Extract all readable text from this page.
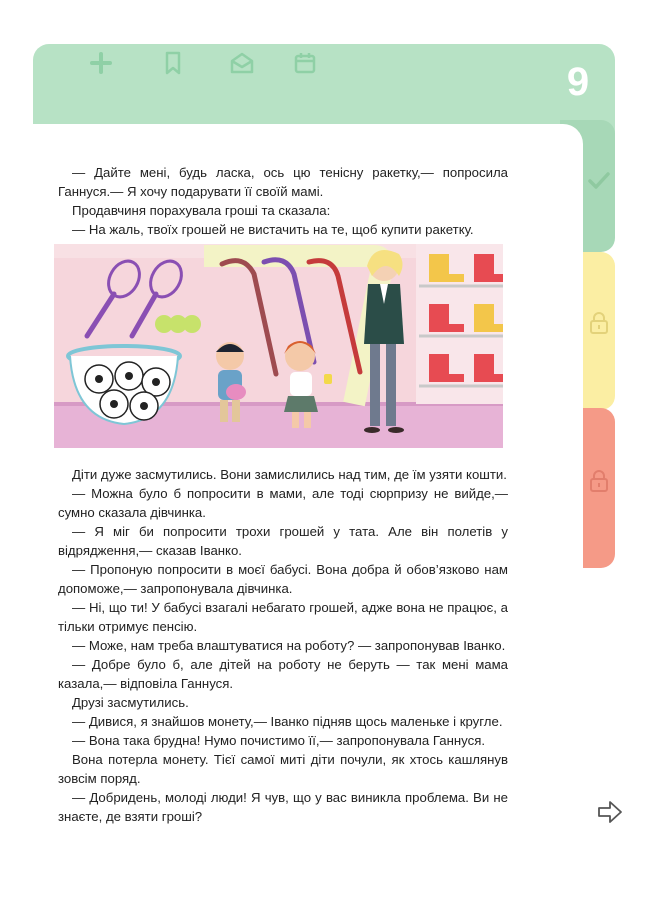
9

— Дайте мені, будь ласка, ось цю тенісну ракетку,— попросила Ганнуся.— Я хочу подарувати її своїй мамі.

Продавчиня порахувала гроші та сказала:

— На жаль, твоїх грошей не вистачить на те, щоб купити ракетку.

Діти дуже засмутились. Вони замислились над тим, де їм узяти кошти.

— Можна було б попросити в мами, але тоді сюрпризу не вийде,— сумно сказала дівчинка.

— Я міг би попросити трохи грошей у тата. Але він полетів у відрядження,— сказав Іванко.

— Пропоную попросити в моєї бабусі. Вона добра й обов’язково нам допоможе,— запропонувала дівчинка.

— Ні, що ти! У бабусі взагалі небагато грошей, адже вона не працює, а тільки отримує пенсію.

— Може, нам треба влаштуватися на роботу? — запропонував Іванко.

— Добре було б, але дітей на роботу не беруть — так мені мама казала,— відповіла Ганнуся.

Друзі засмутились.

— Дивися, я знайшов монету,— Іванко підняв щось маленьке і кругле.

— Вона така брудна! Нумо почистимо її,— запропонувала Ганнуся.

Вона потерла монету. Тієї самої миті діти почули, як хтось кашлянув зовсім поряд.

— Добридень, молоді люди! Я чув, що у вас виникла проблема. Ви не знаєте, де взяти гроші?
